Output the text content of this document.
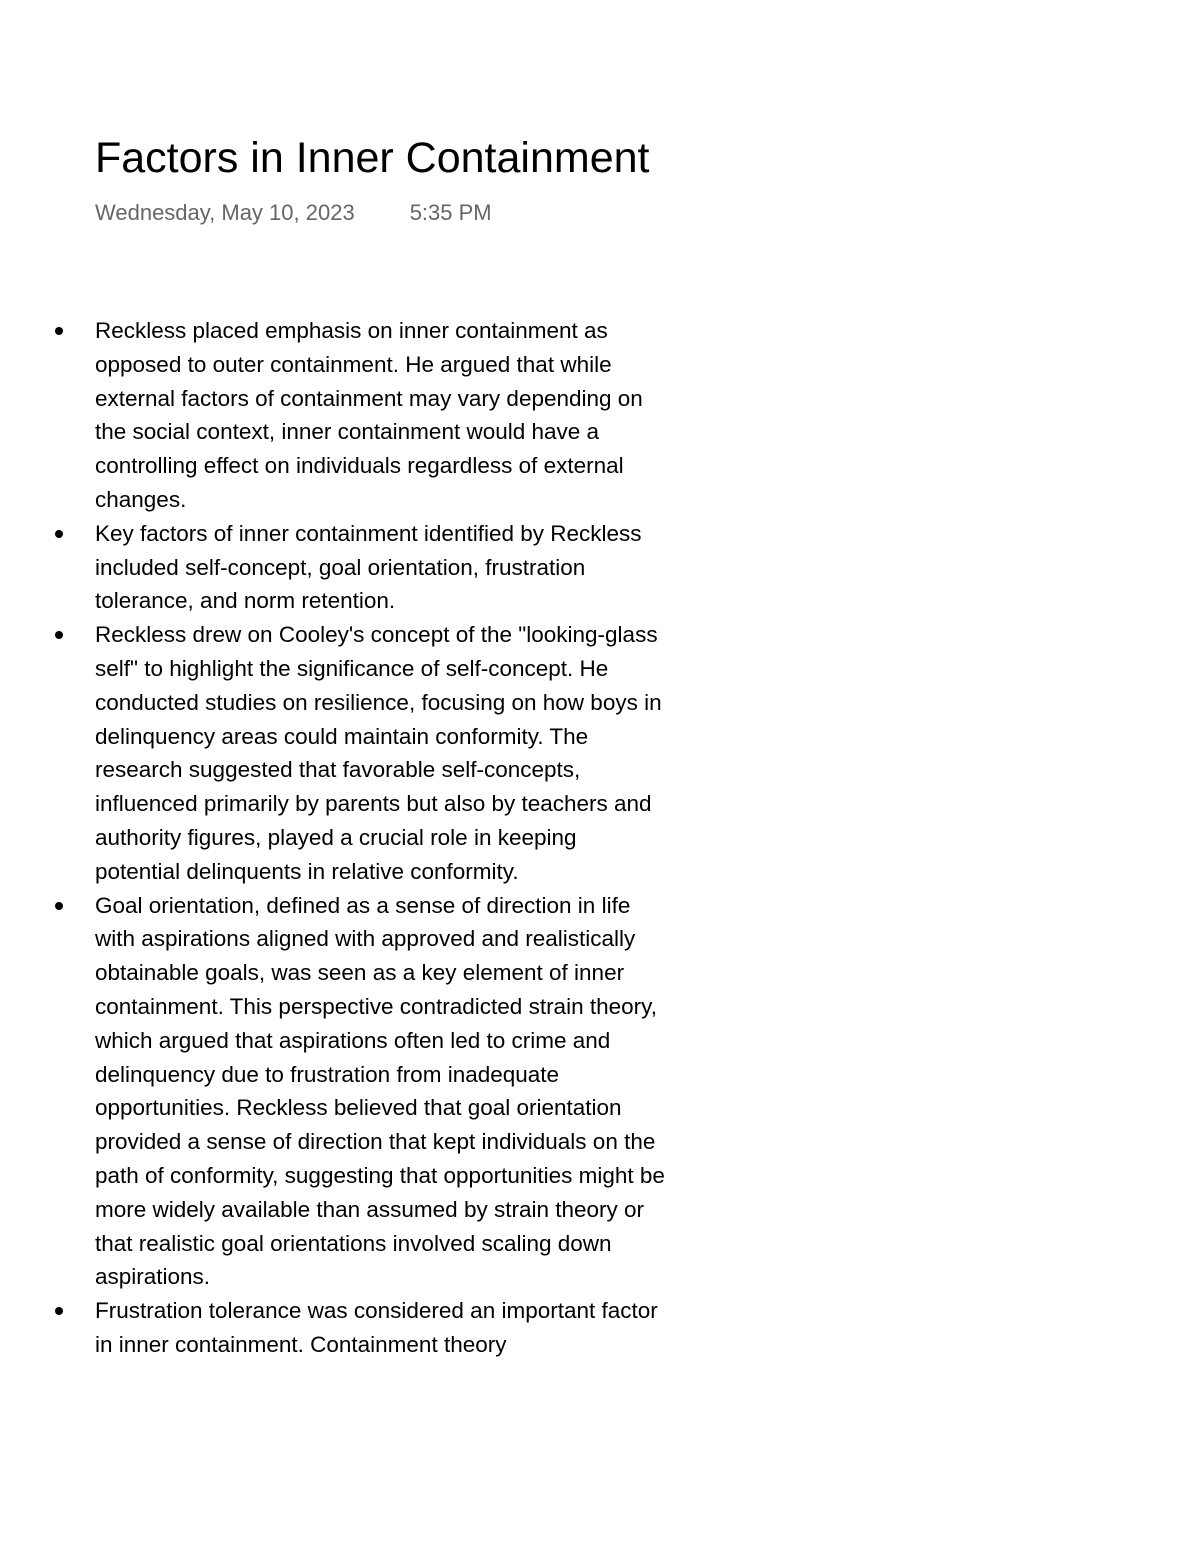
Factors in Inner Containment
Wednesday, May 10, 2023	5:35 PM
Reckless placed emphasis on inner containment as opposed to outer containment. He argued that while external factors of containment may vary depending on the social context, inner containment would have a controlling effect on individuals regardless of external changes.
Key factors of inner containment identified by Reckless included self-concept, goal orientation, frustration tolerance, and norm retention.
Reckless drew on Cooley's concept of the "looking-glass self" to highlight the significance of self-concept. He conducted studies on resilience, focusing on how boys in delinquency areas could maintain conformity. The research suggested that favorable self-concepts, influenced primarily by parents but also by teachers and authority figures, played a crucial role in keeping potential delinquents in relative conformity.
Goal orientation, defined as a sense of direction in life with aspirations aligned with approved and realistically obtainable goals, was seen as a key element of inner containment. This perspective contradicted strain theory, which argued that aspirations often led to crime and delinquency due to frustration from inadequate opportunities. Reckless believed that goal orientation provided a sense of direction that kept individuals on the path of conformity, suggesting that opportunities might be more widely available than assumed by strain theory or that realistic goal orientations involved scaling down aspirations.
Frustration tolerance was considered an important factor in inner containment. Containment theory
